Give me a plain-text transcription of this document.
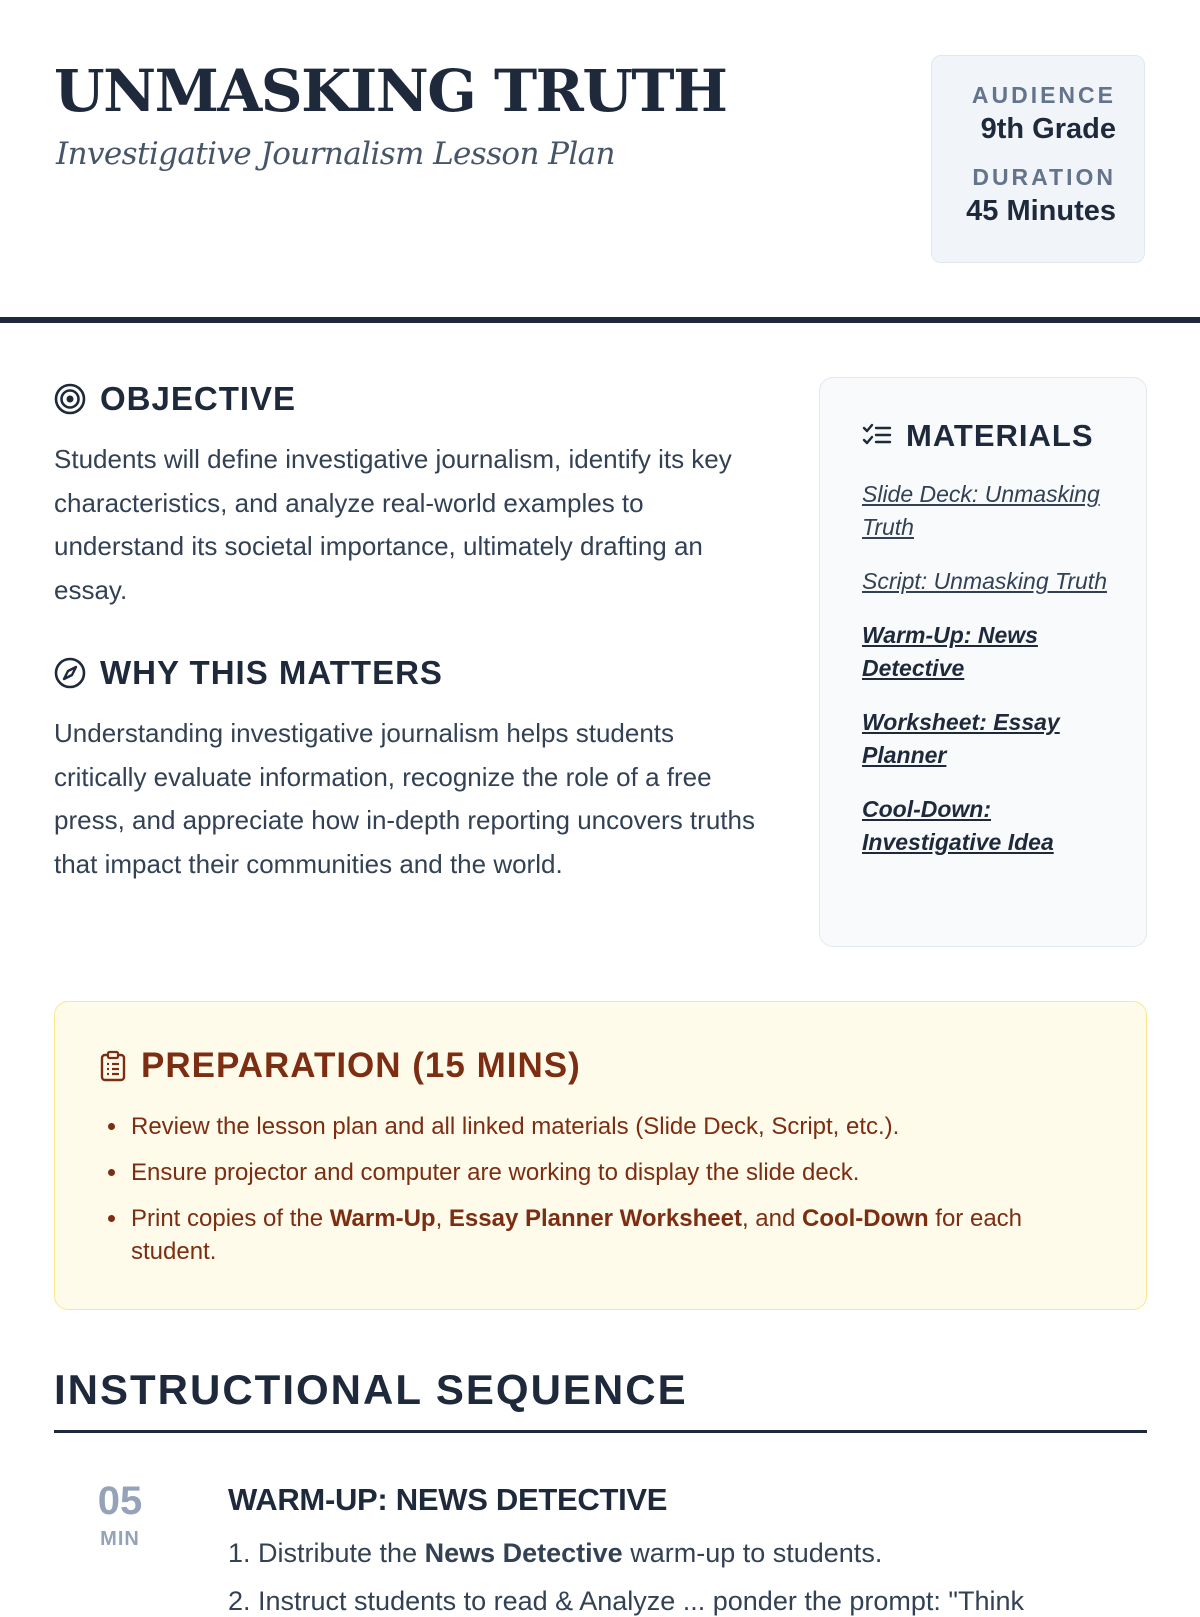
UNMASKING TRUTH
Investigative Journalism Lesson Plan
AUDIENCE
9th Grade
DURATION
45 Minutes
OBJECTIVE
Students will define investigative journalism, identify its key characteristics, and analyze real-world examples to understand its societal importance, ultimately drafting an essay.
WHY THIS MATTERS
Understanding investigative journalism helps students critically evaluate information, recognize the role of a free press, and appreciate how in-depth reporting uncovers truths that impact their communities and the world.
MATERIALS
Slide Deck: Unmasking Truth
Script: Unmasking Truth
Warm-Up: News Detective
Worksheet: Essay Planner
Cool-Down: Investigative Idea
PREPARATION (15 MINS)
• Review the lesson plan and all linked materials (Slide Deck, Script, etc.).
• Ensure projector and computer are working to display the slide deck.
• Print copies of the Warm-Up, Essay Planner Worksheet, and Cool-Down for each student.
INSTRUCTIONAL SEQUENCE
05
MIN
WARM-UP: NEWS DETECTIVE
1. Distribute the News Detective warm-up to students.
2. Instruct students to read & Analyze ... ponder the prompt: "Think
